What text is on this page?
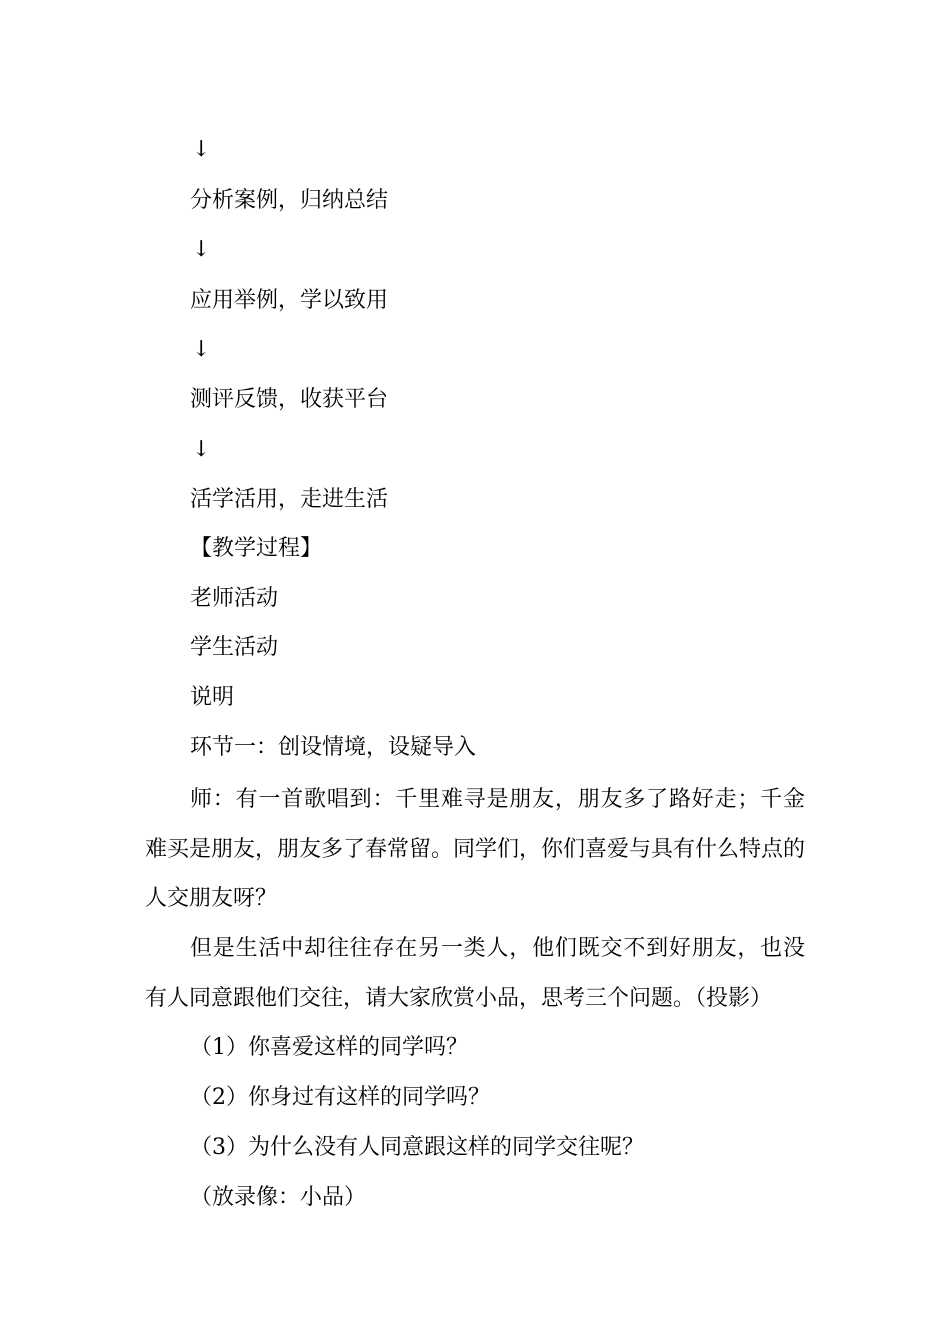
↓
分析案例，归纳总结
↓
应用举例，学以致用
↓
测评反馈，收获平台
↓
活学活用，走进生活
【教学过程】
老师活动
学生活动
说明
环节一：创设情境，设疑导入

师：有一首歌唱到：千里难寻是朋友，朋友多了路好走；千金难买是朋友，朋友多了春常留。同学们，你们喜爱与具有什么特点的人交朋友呀？

但是生活中却往往存在另一类人，他们既交不到好朋友，也没有人同意跟他们交往，请大家欣赏小品，思考三个问题。（投影）

（1）你喜爱这样的同学吗？
（2）你身过有这样的同学吗？
（3）为什么没有人同意跟这样的同学交往呢？
（放录像：小品）
